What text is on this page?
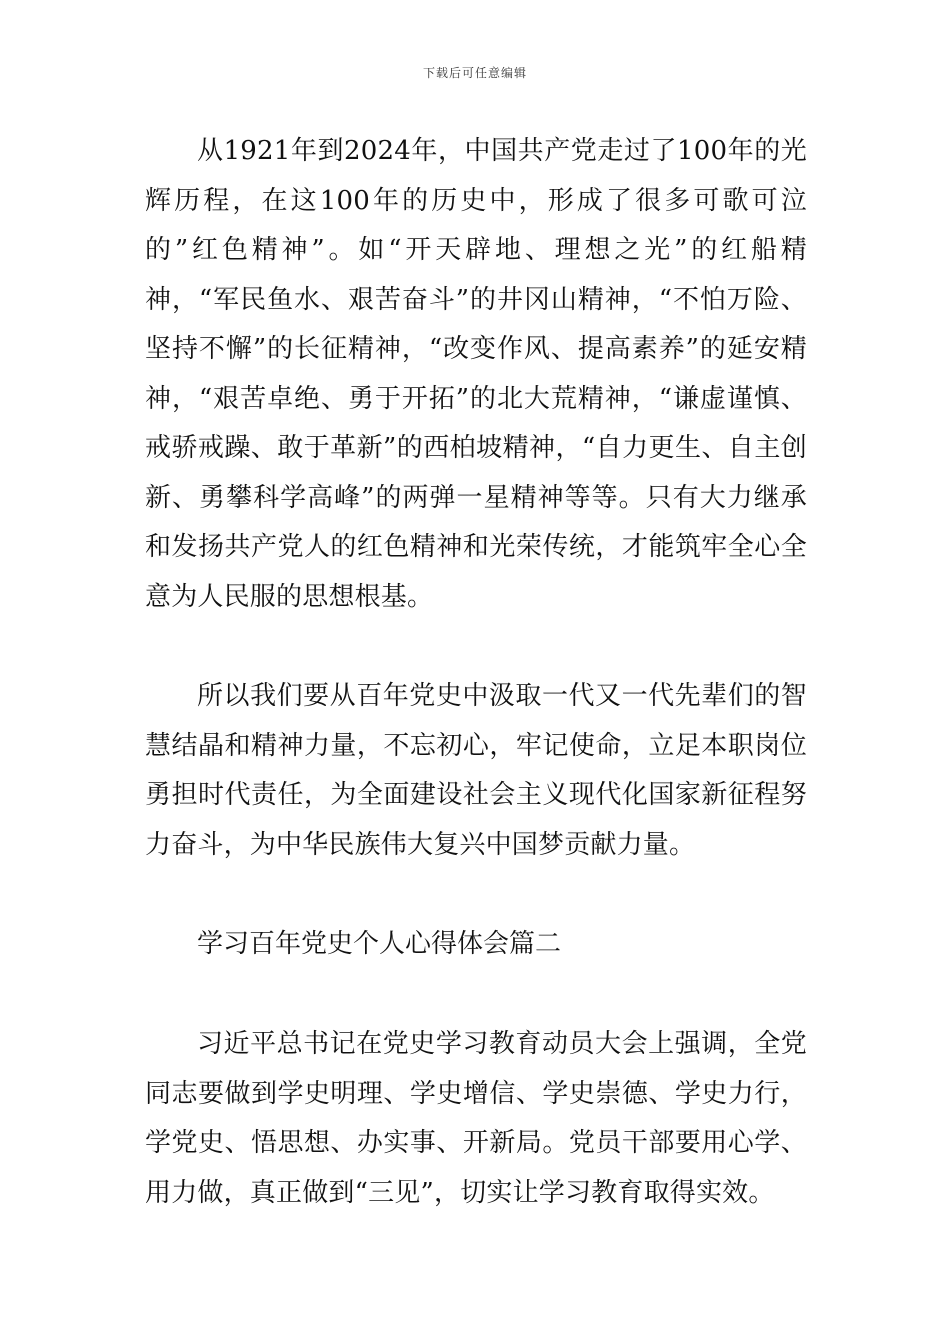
下载后可任意编辑

从1921年到2024年，中国共产党走过了100年的光辉历程，在这100年的历史中，形成了很多可歌可泣的”红色精神”。如“开天辟地、理想之光”的红船精神，“军民鱼水、艰苦奋斗”的井冈山精神，“不怕万险、坚持不懈”的长征精神，“改变作风、提高素养”的延安精神，“艰苦卓绝、勇于开拓”的北大荒精神，“谦虚谨慎、戒骄戒躁、敢于革新”的西柏坡精神，“自力更生、自主创新、勇攀科学高峰”的两弹一星精神等等。只有大力继承和发扬共产党人的红色精神和光荣传统，才能筑牢全心全意为人民服的思想根基。

所以我们要从百年党史中汲取一代又一代先辈们的智慧结晶和精神力量，不忘初心，牢记使命，立足本职岗位勇担时代责任，为全面建设社会主义现代化国家新征程努力奋斗，为中华民族伟大复兴中国梦贡献力量。

学习百年党史个人心得体会篇二

习近平总书记在党史学习教育动员大会上强调，全党同志要做到学史明理、学史增信、学史崇德、学史力行，学党史、悟思想、办实事、开新局。党员干部要用心学、用力做，真正做到“三见”，切实让学习教育取得实效。
